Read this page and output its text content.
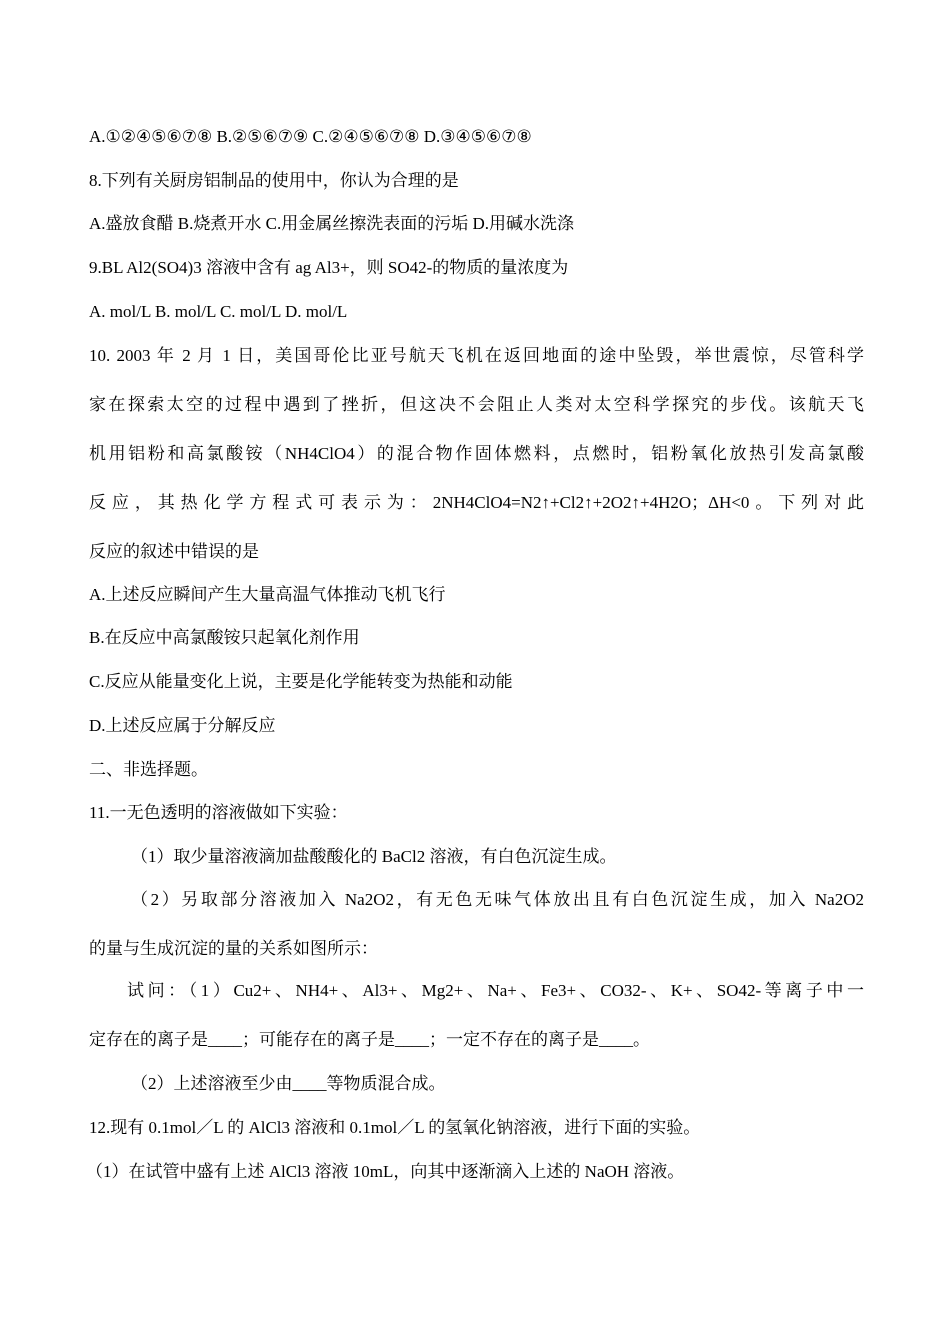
A.①②④⑤⑥⑦⑧ B.②⑤⑥⑦⑨ C.②④⑤⑥⑦⑧ D.③④⑤⑥⑦⑧
8.下列有关厨房铝制品的使用中，你认为合理的是
A.盛放食醋 B.烧煮开水 C.用金属丝擦洗表面的污垢 D.用碱水洗涤
9.BL Al2(SO4)3 溶液中含有 ag Al3+，则 SO42-的物质的量浓度为
A. mol/L B. mol/L C. mol/L D. mol/L
10. 2003 年 2 月 1 日，美国哥伦比亚号航天飞机在返回地面的途中坠毁，举世震惊，尽管科学
家在探索太空的过程中遇到了挫折，但这决不会阻止人类对太空科学探究的步伐。该航天飞
机用铝粉和高氯酸铵（NH4ClO4）的混合物作固体燃料，点燃时，铝粉氧化放热引发高氯酸
反应，其热化学方程式可表示为：2NH4ClO4=N2↑+Cl2↑+2O2↑+4H2O；ΔH<0。下列对此
反应的叙述中错误的是
A.上述反应瞬间产生大量高温气体推动飞机飞行
B.在反应中高氯酸铵只起氧化剂作用
C.反应从能量变化上说，主要是化学能转变为热能和动能
D.上述反应属于分解反应
二、非选择题。
11.一无色透明的溶液做如下实验：
（1）取少量溶液滴加盐酸酸化的 BaCl2 溶液，有白色沉淀生成。
（2）另取部分溶液加入 Na2O2，有无色无味气体放出且有白色沉淀生成，加入 Na2O2
的量与生成沉淀的量的关系如图所示：
试问：（1）Cu2+、NH4+、Al3+、Mg2+、Na+、Fe3+、CO32-、K+、SO42-等离子中一
定存在的离子是____；可能存在的离子是____；一定不存在的离子是____。
（2）上述溶液至少由____等物质混合成。
12.现有 0.1mol／L 的 AlCl3 溶液和 0.1mol／L 的氢氧化钠溶液，进行下面的实验。
（1）在试管中盛有上述 AlCl3 溶液 10mL，向其中逐渐滴入上述的 NaOH 溶液。
